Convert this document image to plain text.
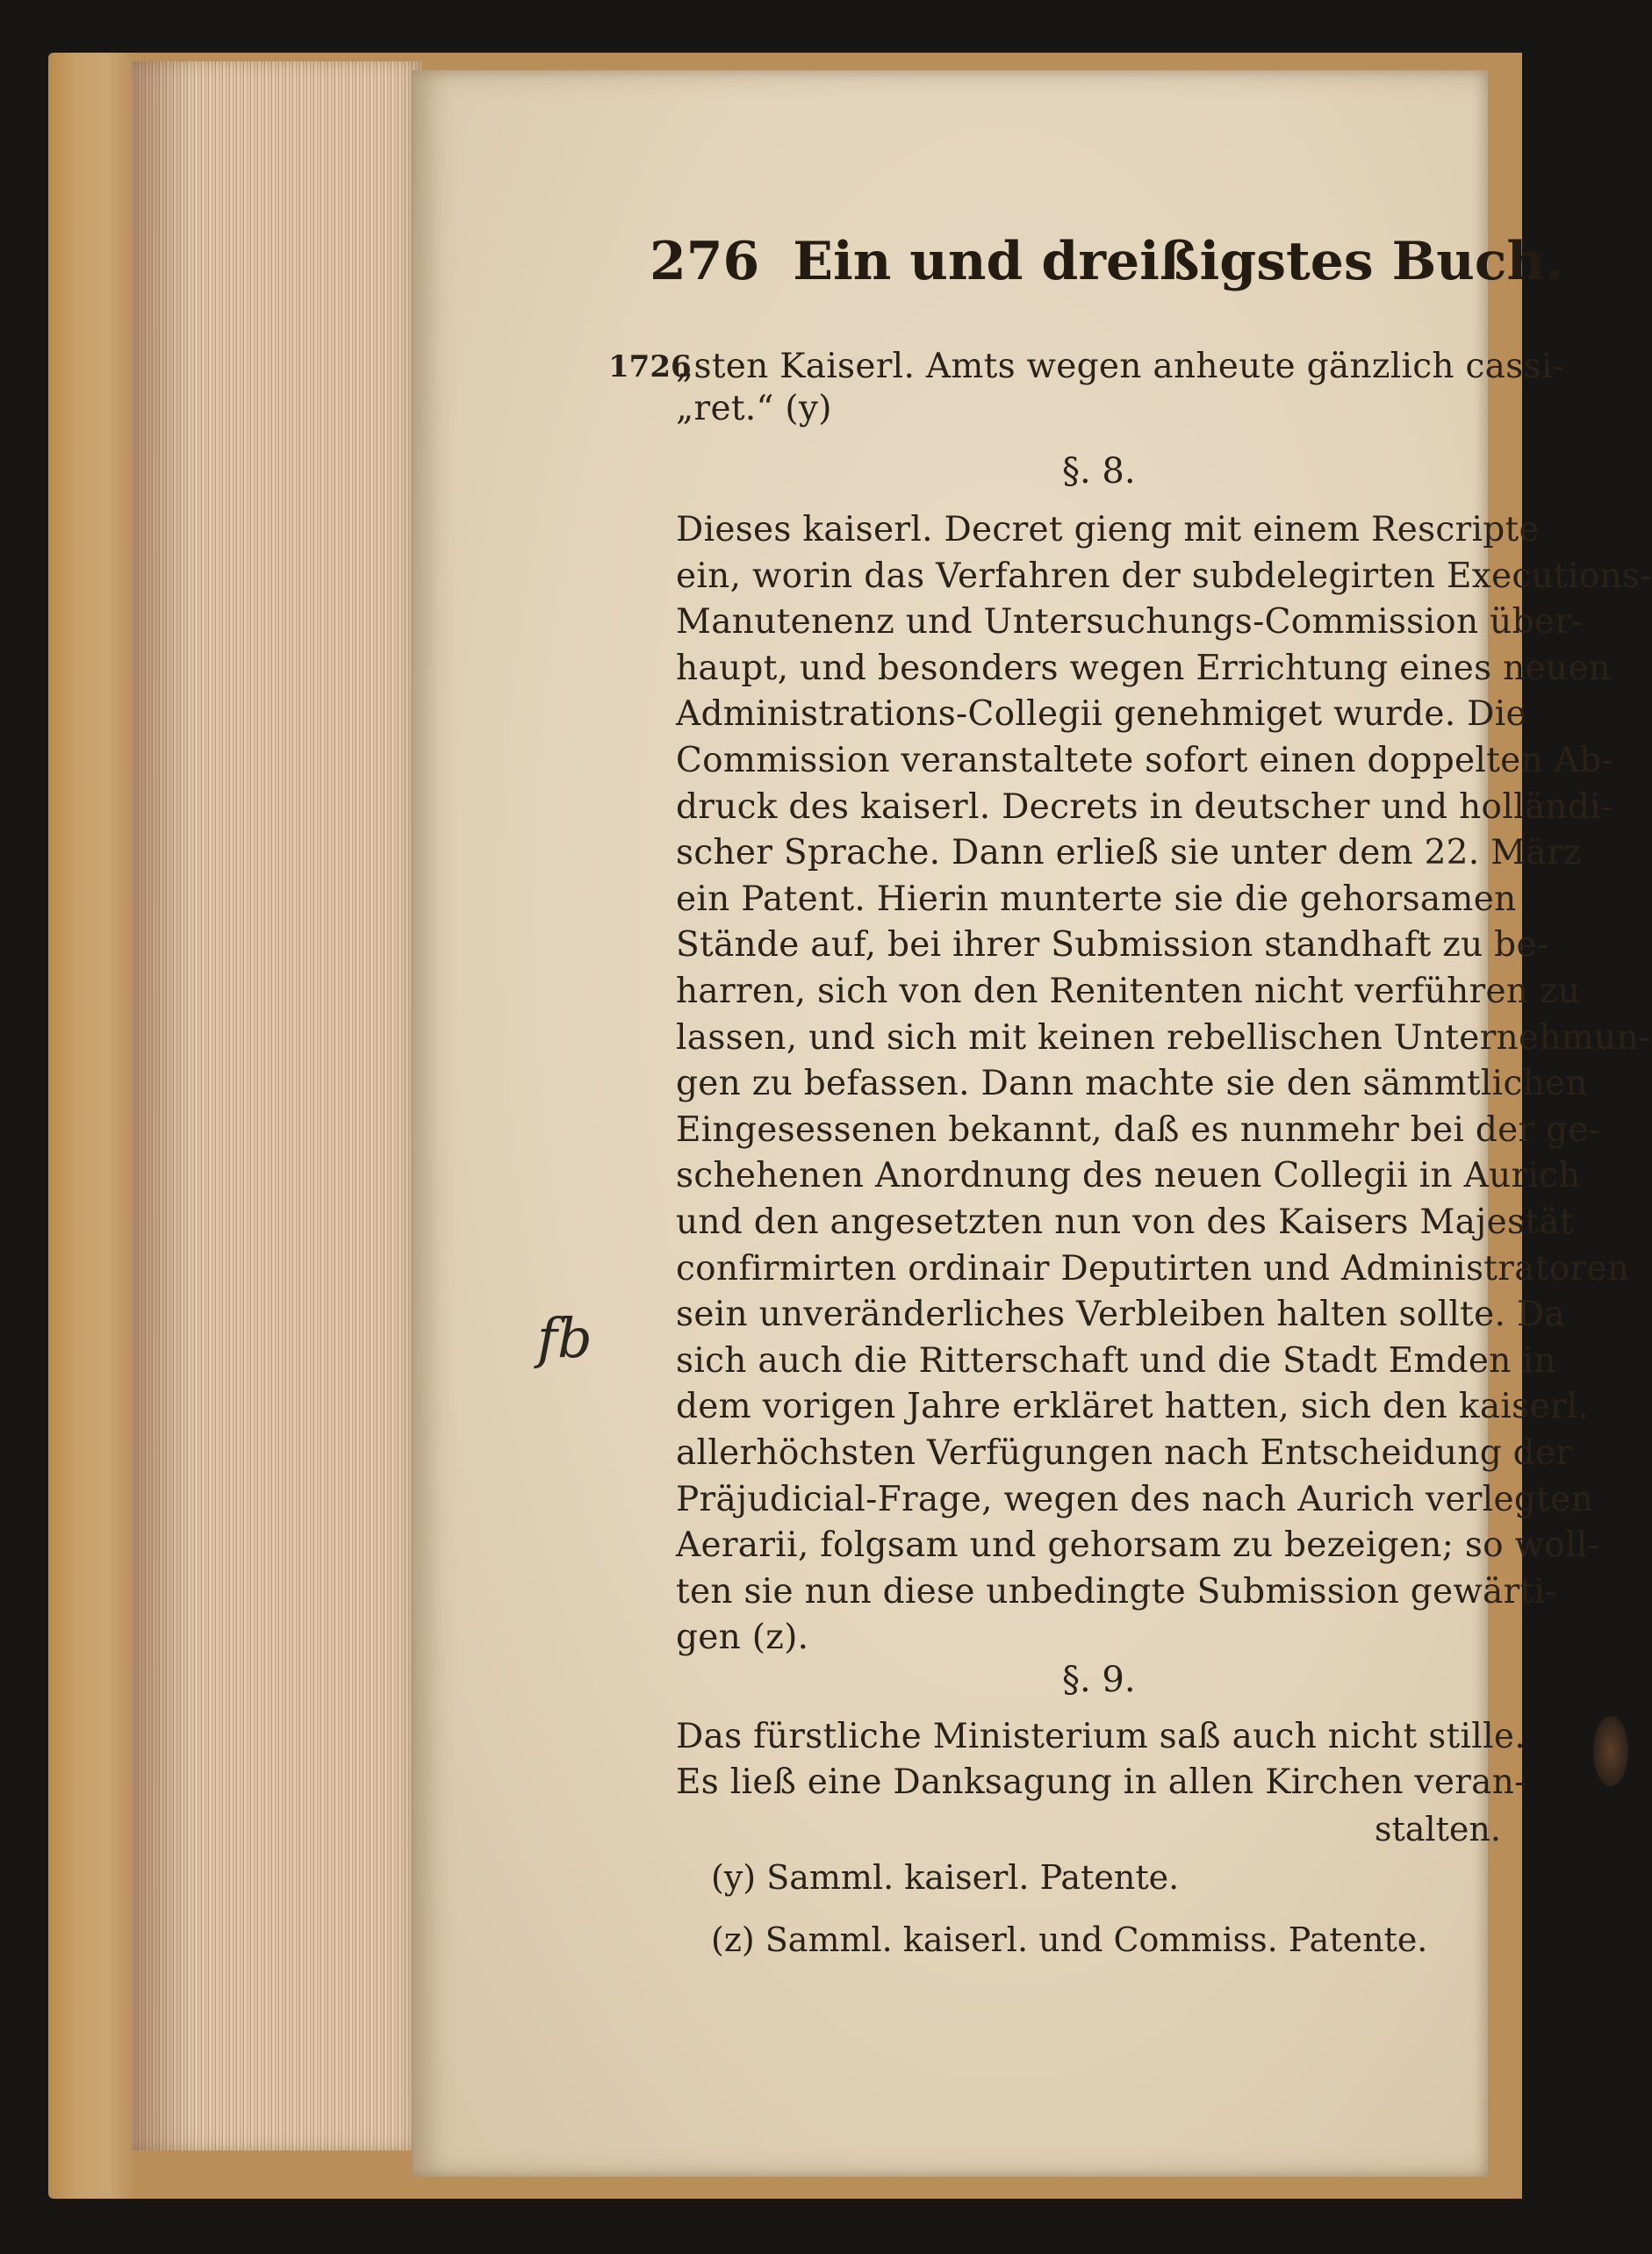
276 Ein und dreißigstes Buch.
1726
„sten Kaiserl. Amts wegen anheute gänzlich cassi-
„ret.“ (y)
§. 8.
Dieses kaiserl. Decret gieng mit einem Rescripte
ein, worin das Verfahren der subdelegirten Executions-
Manutenenz und Untersuchungs-Commission über-
haupt, und besonders wegen Errichtung eines neuen
Administrations-Collegii genehmiget wurde. Die
Commission veranstaltete sofort einen doppelten Ab-
druck des kaiserl. Decrets in deutscher und holländi-
scher Sprache. Dann erließ sie unter dem 22. März
ein Patent. Hierin munterte sie die gehorsamen
Stände auf, bei ihrer Submission standhaft zu be-
harren, sich von den Renitenten nicht verführen zu
lassen, und sich mit keinen rebellischen Unternehmun-
gen zu befassen. Dann machte sie den sämmtlichen
Eingesessenen bekannt, daß es nunmehr bei der ge-
schehenen Anordnung des neuen Collegii in Aurich
und den angesetzten nun von des Kaisers Majestät
confirmirten ordinair Deputirten und Administratoren
sein unveränderliches Verbleiben halten sollte. Da
sich auch die Ritterschaft und die Stadt Emden in
dem vorigen Jahre erkläret hatten, sich den kaiserl.
allerhöchsten Verfügungen nach Entscheidung der
Präjudicial-Frage, wegen des nach Aurich verlegten
Aerarii, folgsam und gehorsam zu bezeigen; so woll-
ten sie nun diese unbedingte Submission gewärti-
gen (z).
§. 9.
Das fürstliche Ministerium saß auch nicht stille.
Es ließ eine Danksagung in allen Kirchen veran-
stalten.
(y) Samml. kaiserl. Patente.
(z) Samml. kaiserl. und Commiss. Patente.
fb
